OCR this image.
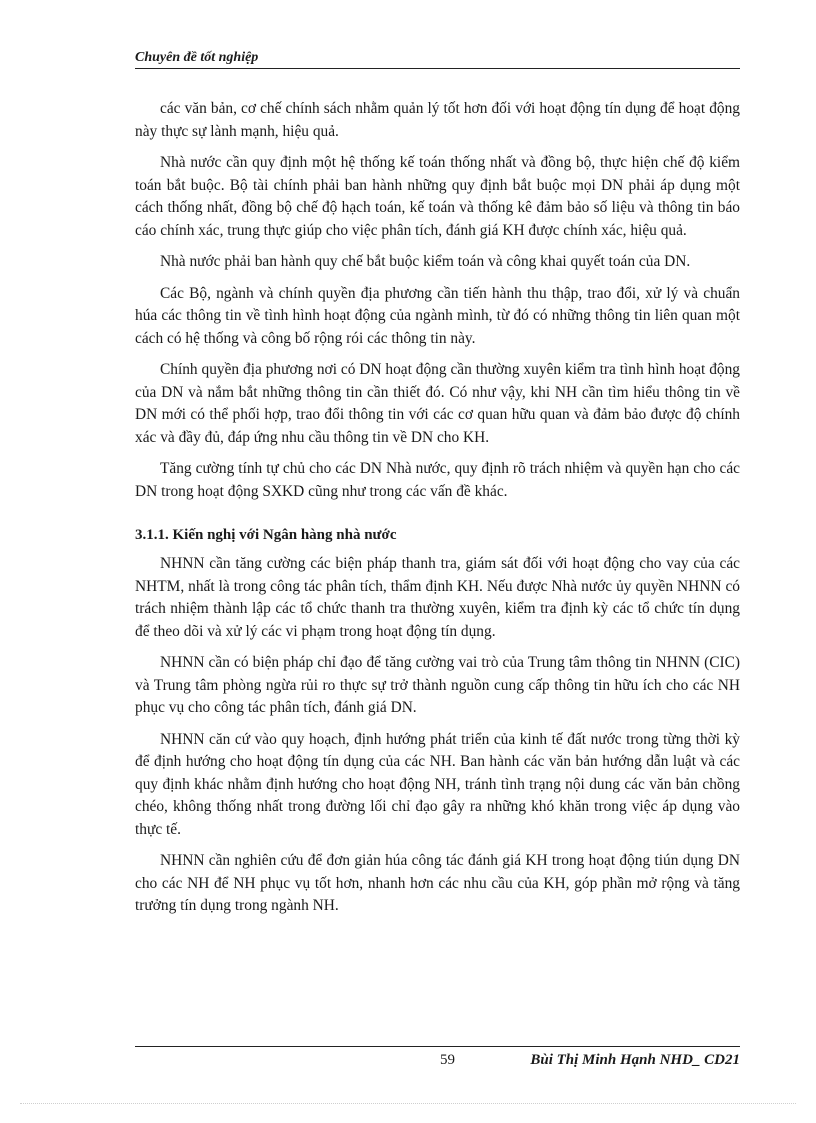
Chuyên đề tốt nghiệp

các văn bản, cơ chế chính sách nhằm quản lý tốt hơn đối với hoạt động tín dụng để hoạt động này thực sự lành mạnh, hiệu quả.

Nhà nước cần quy định một hệ thống kế toán thống nhất và đồng bộ, thực hiện chế độ kiểm toán bắt buộc. Bộ tài chính phải ban hành những quy định bắt buộc mọi DN phải áp dụng một cách thống nhất, đồng bộ chế độ hạch toán, kế toán và thống kê đảm bảo số liệu và thông tin báo cáo chính xác, trung thực giúp cho việc phân tích, đánh giá KH được chính xác, hiệu quả.

Nhà nước phải ban hành quy chế bắt buộc kiểm toán và công khai quyết toán của DN.

Các Bộ, ngành và chính quyền địa phương cần tiến hành thu thập, trao đổi, xử lý và chuẩn húa các thông tin về tình hình hoạt động của ngành mình, từ đó có những thông tin liên quan một cách có hệ thống và công bố rộng rói các thông tin này.

Chính quyền địa phương nơi có DN hoạt động cần thường xuyên kiểm tra tình hình hoạt động của DN và nắm bắt những thông tin cần thiết đó. Có như vậy, khi NH cần tìm hiểu thông tin về DN mới có thể phối hợp, trao đổi thông tin với các cơ quan hữu quan và đảm bảo được độ chính xác và đầy đủ, đáp ứng nhu cầu thông tin về DN cho KH.

Tăng cường tính tự chủ cho các DN Nhà nước, quy định rõ trách nhiệm và quyền hạn cho các DN trong hoạt động SXKD cũng như trong các vấn đề khác.

3.1.1. Kiến nghị với Ngân hàng nhà nước

NHNN cần tăng cường các biện pháp thanh tra, giám sát đối với hoạt động cho vay của các NHTM, nhất là trong công tác phân tích, thẩm định KH. Nếu được Nhà nước ủy quyền NHNN có trách nhiệm thành lập các tổ chức thanh tra thường xuyên, kiểm tra định kỳ các tổ chức tín dụng để theo dõi và xử lý các vi phạm trong hoạt động tín dụng.

NHNN cần có biện pháp chỉ đạo để tăng cường vai trò của Trung tâm thông tin NHNN (CIC) và Trung tâm phòng ngừa rủi ro thực sự trở thành nguồn cung cấp thông tin hữu ích cho các NH phục vụ cho công tác phân tích, đánh giá DN.

NHNN căn cứ vào quy hoạch, định hướng phát triển của kinh tế đất nước trong từng thời kỳ để định hướng cho hoạt động tín dụng của các NH. Ban hành các văn bản hướng dẫn luật và các quy định khác nhằm định hướng cho hoạt động NH, tránh tình trạng nội dung các văn bản chồng chéo, không thống nhất trong đường lối chỉ đạo gây ra những khó khăn trong việc áp dụng vào thực tế.

NHNN cần nghiên cứu để đơn giản húa công tác đánh giá KH trong hoạt động tiún dụng DN cho các NH để NH phục vụ tốt hơn, nhanh hơn các nhu cầu của KH, góp phần mở rộng và tăng trưởng tín dụng trong ngành NH.

59	Bùi Thị Minh Hạnh NHD_ CD21
